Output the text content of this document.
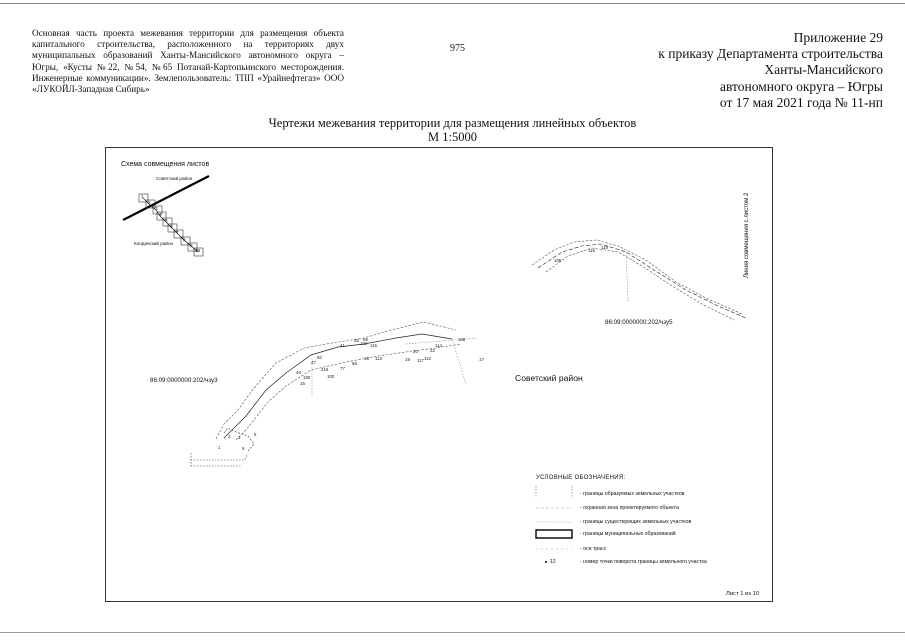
Основная часть проекта межевания территории для размещения объекта капитального строительства, расположенного на территориях двух муниципальных образований Ханты-Мансийского автономного округа – Югры, «Кусты №22, №54, №65 Потанай-Картопьинского месторождения. Инженерные коммуникации». Землепользователь: ТПП «Урайнефтегаз» ООО «ЛУКОЙЛ-Западная Сибирь»
975
Приложение 29
к приказу Департамента строительства
Ханты-Мансийского
автономного округа – Югры
от 17 мая 2021 года № 11-нп
Чертежи межевания территории для размещения линейных объектов
М 1:5000
Схема совмещения листов
Советский район
Кондинский район
1
2
3
4
5
6
7
8
9
10
86:09:0000000:202/чзу3
86:09:0000000:202/чзу5
Советский район
Линия совмещения с листом 2
1
2 3
5
6
16
17
18	19
20	22
40
41
47
55 56
60
68
77
100
102
106
108
112
113
114
115
116
117
119
190
216
УСЛОВНЫЕ ОБОЗНАЧЕНИЯ:
- границы образуемых земельных участков
- охранная зона проектируемого объекта
- границы существующих земельных участков
- границы муниципальных образований
- оси трасс
- номер точки поворота границы земельного участка
12
Лист 1 из 10
